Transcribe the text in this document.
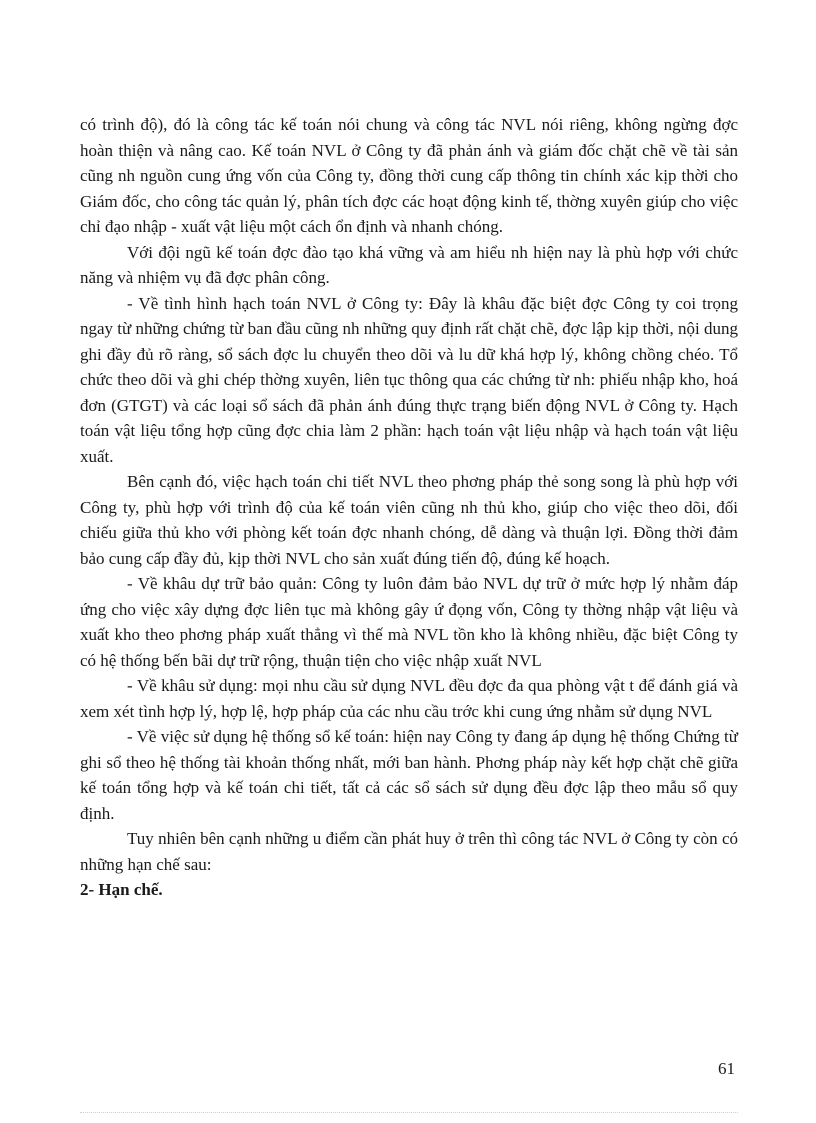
có trình độ), đó là công tác kế toán nói chung và công tác NVL nói riêng, không ngừng đợc hoàn thiện và nâng cao. Kế toán NVL ở Công ty đã phản ánh và giám đốc chặt chẽ về tài sản cũng nh nguồn cung ứng vốn của Công ty, đồng thời cung cấp thông tin chính xác kịp thời cho Giám đốc, cho công tác quản lý, phân tích đợc các hoạt động kinh tế, thờng xuyên giúp cho việc chỉ đạo nhập - xuất vật liệu một cách ổn định và nhanh chóng.

Với đội ngũ kế toán đợc đào tạo khá vững và am hiểu nh hiện nay là phù hợp với chức năng và nhiệm vụ đã đợc phân công.

- Về tình hình hạch toán NVL ở Công ty: Đây là khâu đặc biệt đợc Công ty coi trọng ngay từ những chứng từ ban đầu cũng nh những quy định rất chặt chẽ, đợc lập kịp thời, nội dung ghi đầy đủ rõ ràng, sổ sách đợc lu chuyển theo dõi và lu dữ khá hợp lý, không chồng chéo. Tổ chức theo dõi và ghi chép thờng xuyên, liên tục thông qua các chứng từ nh: phiếu nhập kho, hoá đơn (GTGT) và các loại sổ sách đã phản ánh đúng thực trạng biến động NVL ở Công ty. Hạch toán vật liệu tổng hợp cũng đợc chia làm 2 phần: hạch toán vật liệu nhập và hạch toán vật liệu xuất.

Bên cạnh đó, việc hạch toán chi tiết NVL theo phơng pháp thẻ song song là phù hợp với Công ty, phù hợp với trình độ của kế toán viên cũng nh thủ kho, giúp cho việc theo dõi, đối chiếu giữa thủ kho với phòng kết toán đợc nhanh chóng, dễ dàng và thuận lợi. Đồng thời đảm bảo cung cấp đầy đủ, kịp thời NVL cho sản xuất đúng tiến độ, đúng kế hoạch.

- Về khâu dự trữ bảo quản: Công ty luôn đảm bảo NVL dự trữ ở mức hợp lý nhằm đáp ứng cho việc xây dựng đợc liên tục mà không gây ứ đọng vốn, Công ty thờng nhập vật liệu và xuất kho theo phơng pháp xuất thẳng vì thế mà NVL tồn kho là không nhiều, đặc biệt Công ty có hệ thống bến bãi dự trữ rộng, thuận tiện cho việc nhập xuất NVL

- Về khâu sử dụng: mọi nhu cầu sử dụng NVL đều đợc đa qua phòng vật t để đánh giá và xem xét tình hợp lý, hợp lệ, hợp pháp của các nhu cầu trớc khi cung ứng nhằm sử dụng NVL

- Về việc sử dụng hệ thống sổ kế toán: hiện nay Công ty đang áp dụng hệ thống Chứng từ ghi sổ theo hệ thống tài khoản thống nhất, mới ban hành. Phơng pháp này kết hợp chặt chẽ giữa kế toán tổng hợp và kế toán chi tiết, tất cả các sổ sách sử dụng đều đợc lập theo mẫu sổ quy định.

Tuy nhiên bên cạnh những u điểm cần phát huy ở trên thì công tác NVL ở Công ty còn có những hạn chế sau:

2- Hạn chế.
61
